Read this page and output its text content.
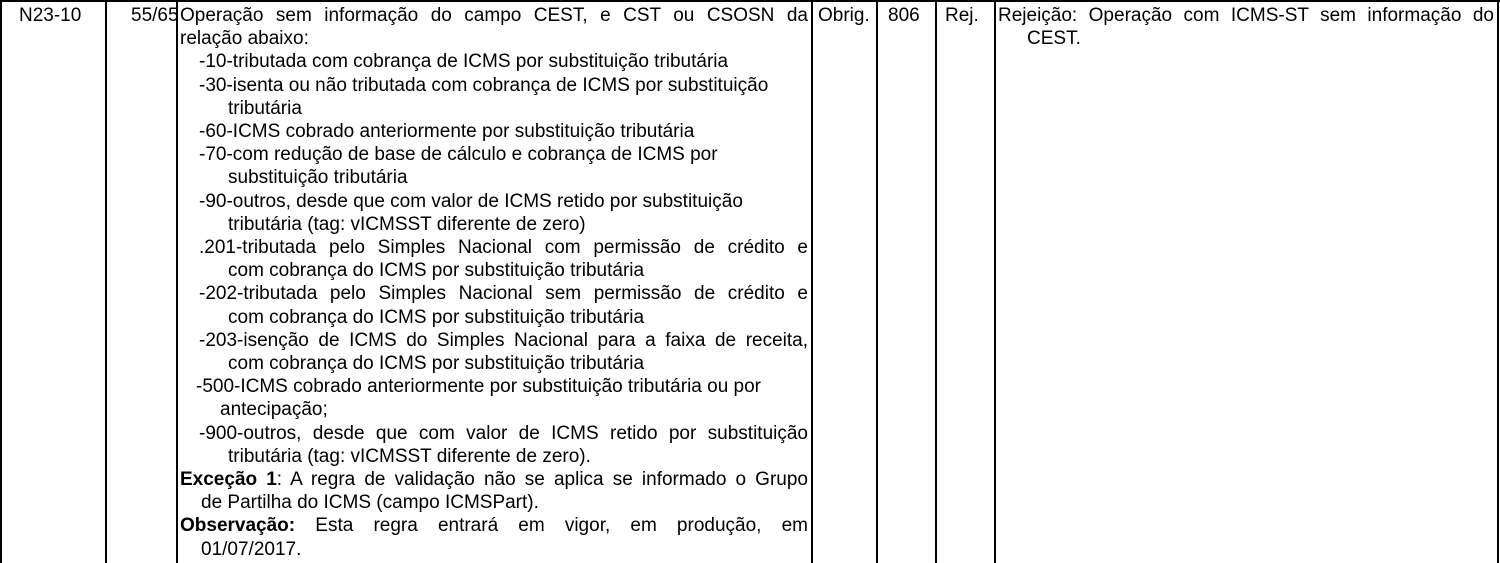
N23-10	55/65 Operação sem informação do campo CEST, e CST ou CSOSN da
relação abaixo:
-10-tributada com cobrança de ICMS por substituição tributária
-30-isenta ou não tributada com cobrança de ICMS por substituição
tributária
-60-ICMS cobrado anteriormente por substituição tributária
-70-com redução de base de cálculo e cobrança de ICMS por
substituição tributária
-90-outros, desde que com valor de ICMS retido por substituição
tributária (tag: vICMSST diferente de zero)
.201-tributada pelo Simples Nacional com permissão de crédito e
com cobrança do ICMS por substituição tributária
-202-tributada pelo Simples Nacional sem permissão de crédito e
com cobrança do ICMS por substituição tributária
-203-isenção de ICMS do Simples Nacional para a faixa de receita,
com cobrança do ICMS por substituição tributária
-500-ICMS cobrado anteriormente por substituição tributária ou por
antecipação;
-900-outros, desde que com valor de ICMS retido por substituição
tributária (tag: vICMSST diferente de zero).
Exceção 1: A regra de validação não se aplica se informado o Grupo
de Partilha do ICMS (campo ICMSPart).
Observação: Esta regra entrará em vigor, em produção, em
01/07/2017.
Obrig. 806 Rej. Rejeição: Operação com ICMS-ST sem informação do
CEST.
